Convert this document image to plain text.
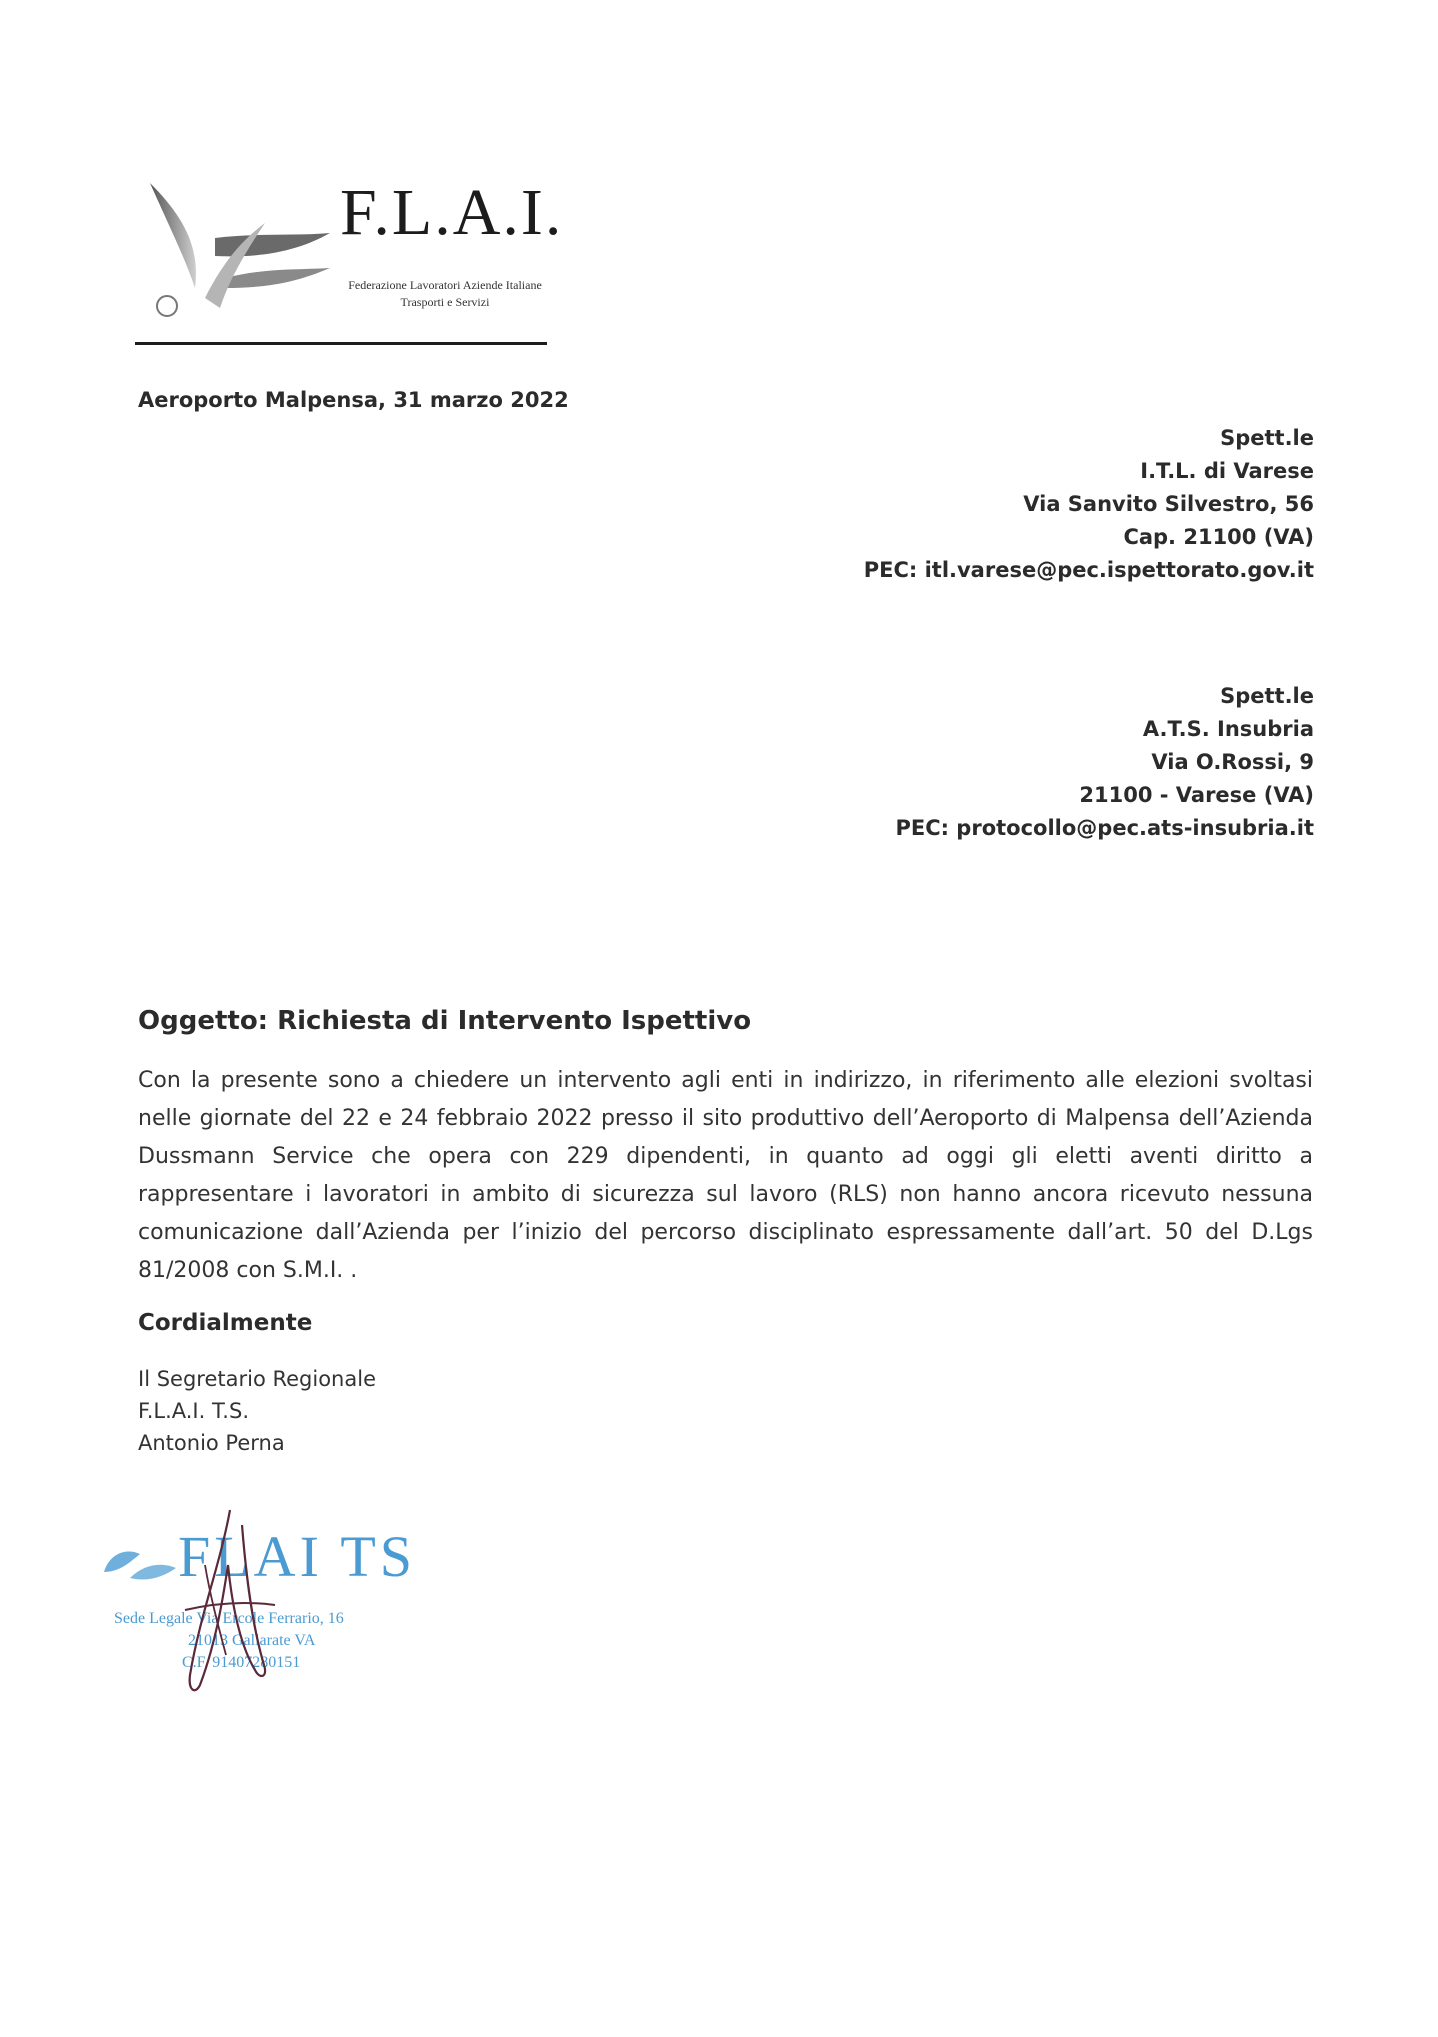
F.L.A.I.
Federazione Lavoratori Aziende Italiane
Trasporti e Servizi
Aeroporto Malpensa, 31 marzo 2022
Spett.le
I.T.L. di Varese
Via Sanvito Silvestro, 56
Cap. 21100 (VA)
PEC: itl.varese@pec.ispettorato.gov.it
Spett.le
A.T.S. Insubria
Via O.Rossi, 9
21100 - Varese (VA)
PEC: protocollo@pec.ats-insubria.it
Oggetto: Richiesta di Intervento Ispettivo
Con la presente sono a chiedere un intervento agli enti in indirizzo, in riferimento alle elezioni svoltasi nelle giornate del 22 e 24 febbraio 2022 presso il sito produttivo dell’Aeroporto di Malpensa dell’Azienda Dussmann Service che opera con 229 dipendenti, in quanto ad oggi gli eletti aventi diritto a rappresentare i lavoratori in ambito di sicurezza sul lavoro (RLS) non hanno ancora ricevuto nessuna comunicazione dall’Azienda per l’inizio del percorso disciplinato espressamente dall’art. 50 del D.Lgs 81/2008 con S.M.I. .
Cordialmente
Il Segretario Regionale
F.L.A.I. T.S.
Antonio Perna
FLAI TS
Sede Legale Via Ercole Ferrario, 16
21013 Gallarate VA
C.F. 91407280151
